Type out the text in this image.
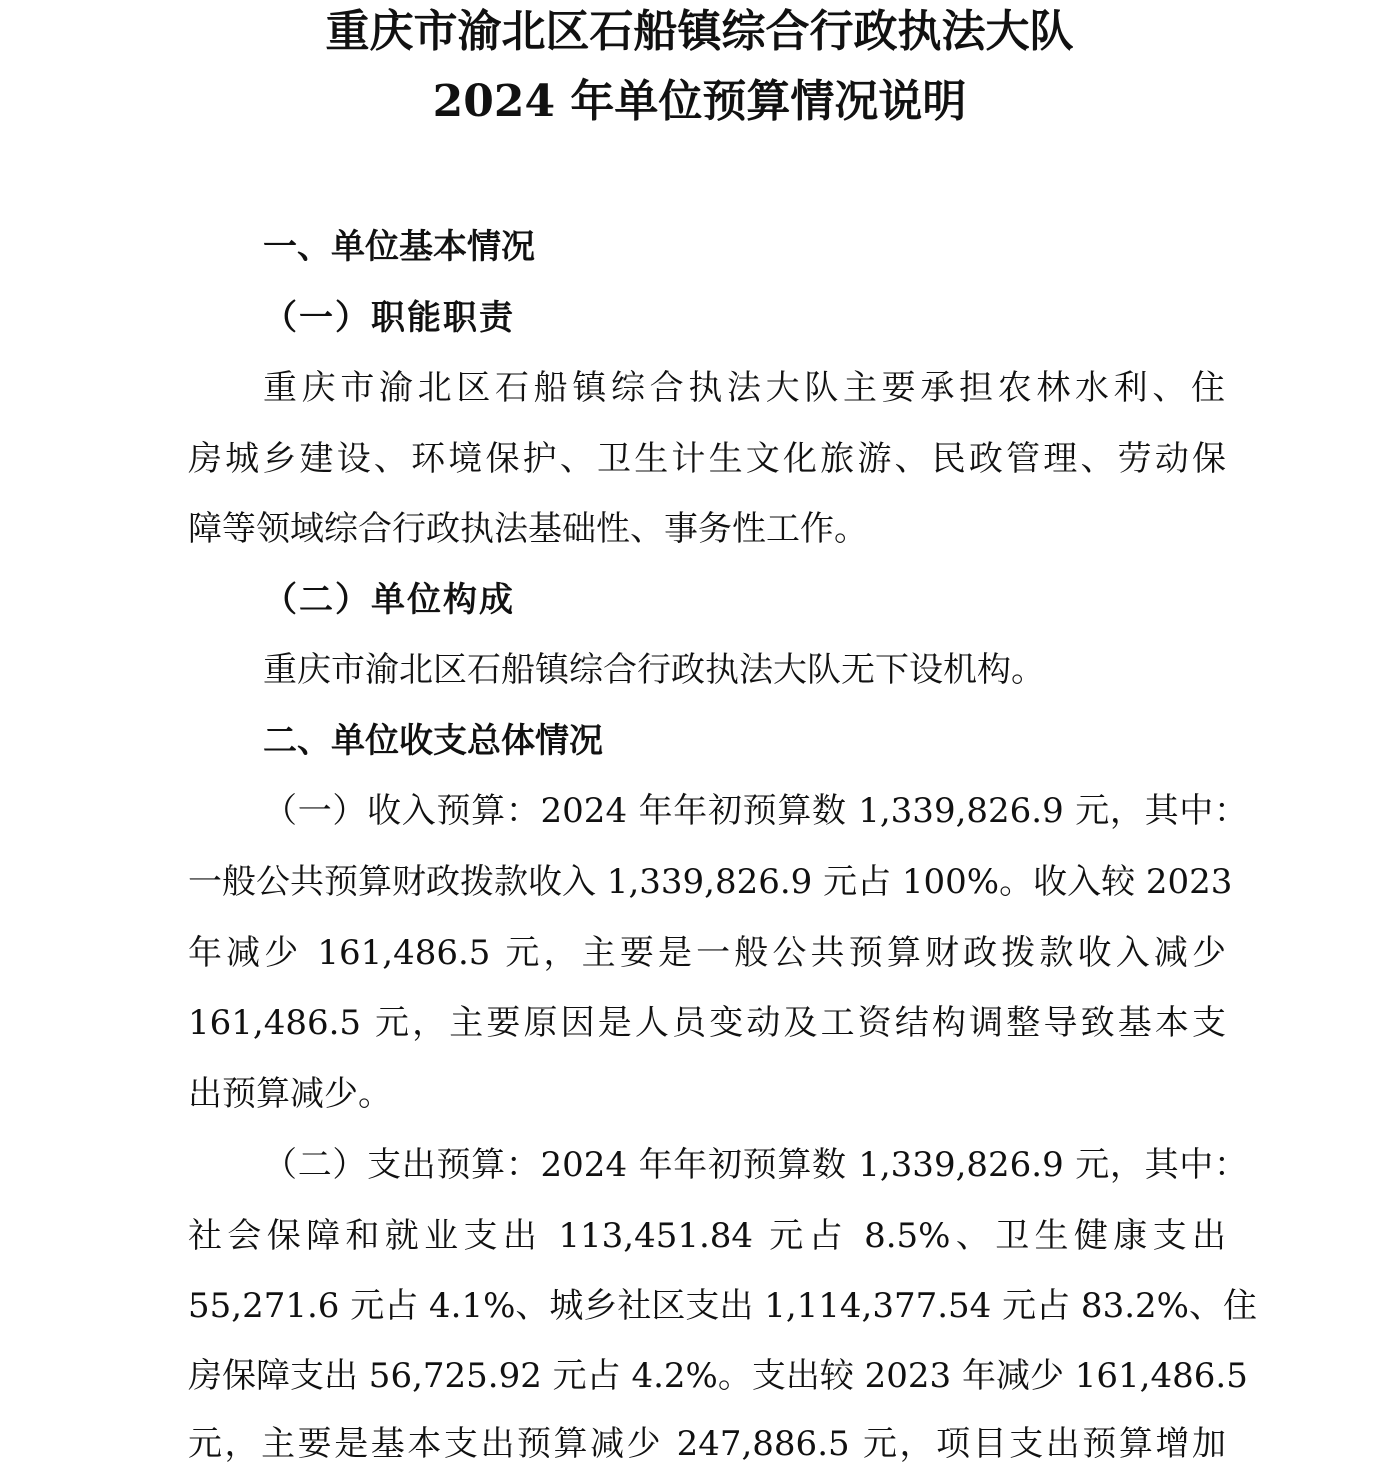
重庆市渝北区石船镇综合行政执法大队
2024 年单位预算情况说明
一、单位基本情况
（一）职能职责
重庆市渝北区石船镇综合执法大队主要承担农林水利、住
房城乡建设、环境保护、卫生计生文化旅游、民政管理、劳动保
障等领域综合行政执法基础性、事务性工作。
（二）单位构成
重庆市渝北区石船镇综合行政执法大队无下设机构。
二、单位收支总体情况
（一）收入预算：2024 年年初预算数 1,339,826.9 元，其中：
一般公共预算财政拨款收入 1,339,826.9 元占 100%。收入较 2023
年减少 161,486.5 元，主要是一般公共预算财政拨款收入减少
161,486.5 元，主要原因是人员变动及工资结构调整导致基本支
出预算减少。
（二）支出预算：2024 年年初预算数 1,339,826.9 元，其中：
社会保障和就业支出 113,451.84 元占 8.5%、卫生健康支出
55,271.6 元占 4.1%、城乡社区支出 1,114,377.54 元占 83.2%、住
房保障支出 56,725.92 元占 4.2%。支出较 2023 年减少 161,486.5
元，主要是基本支出预算减少 247,886.5 元，项目支出预算增加
